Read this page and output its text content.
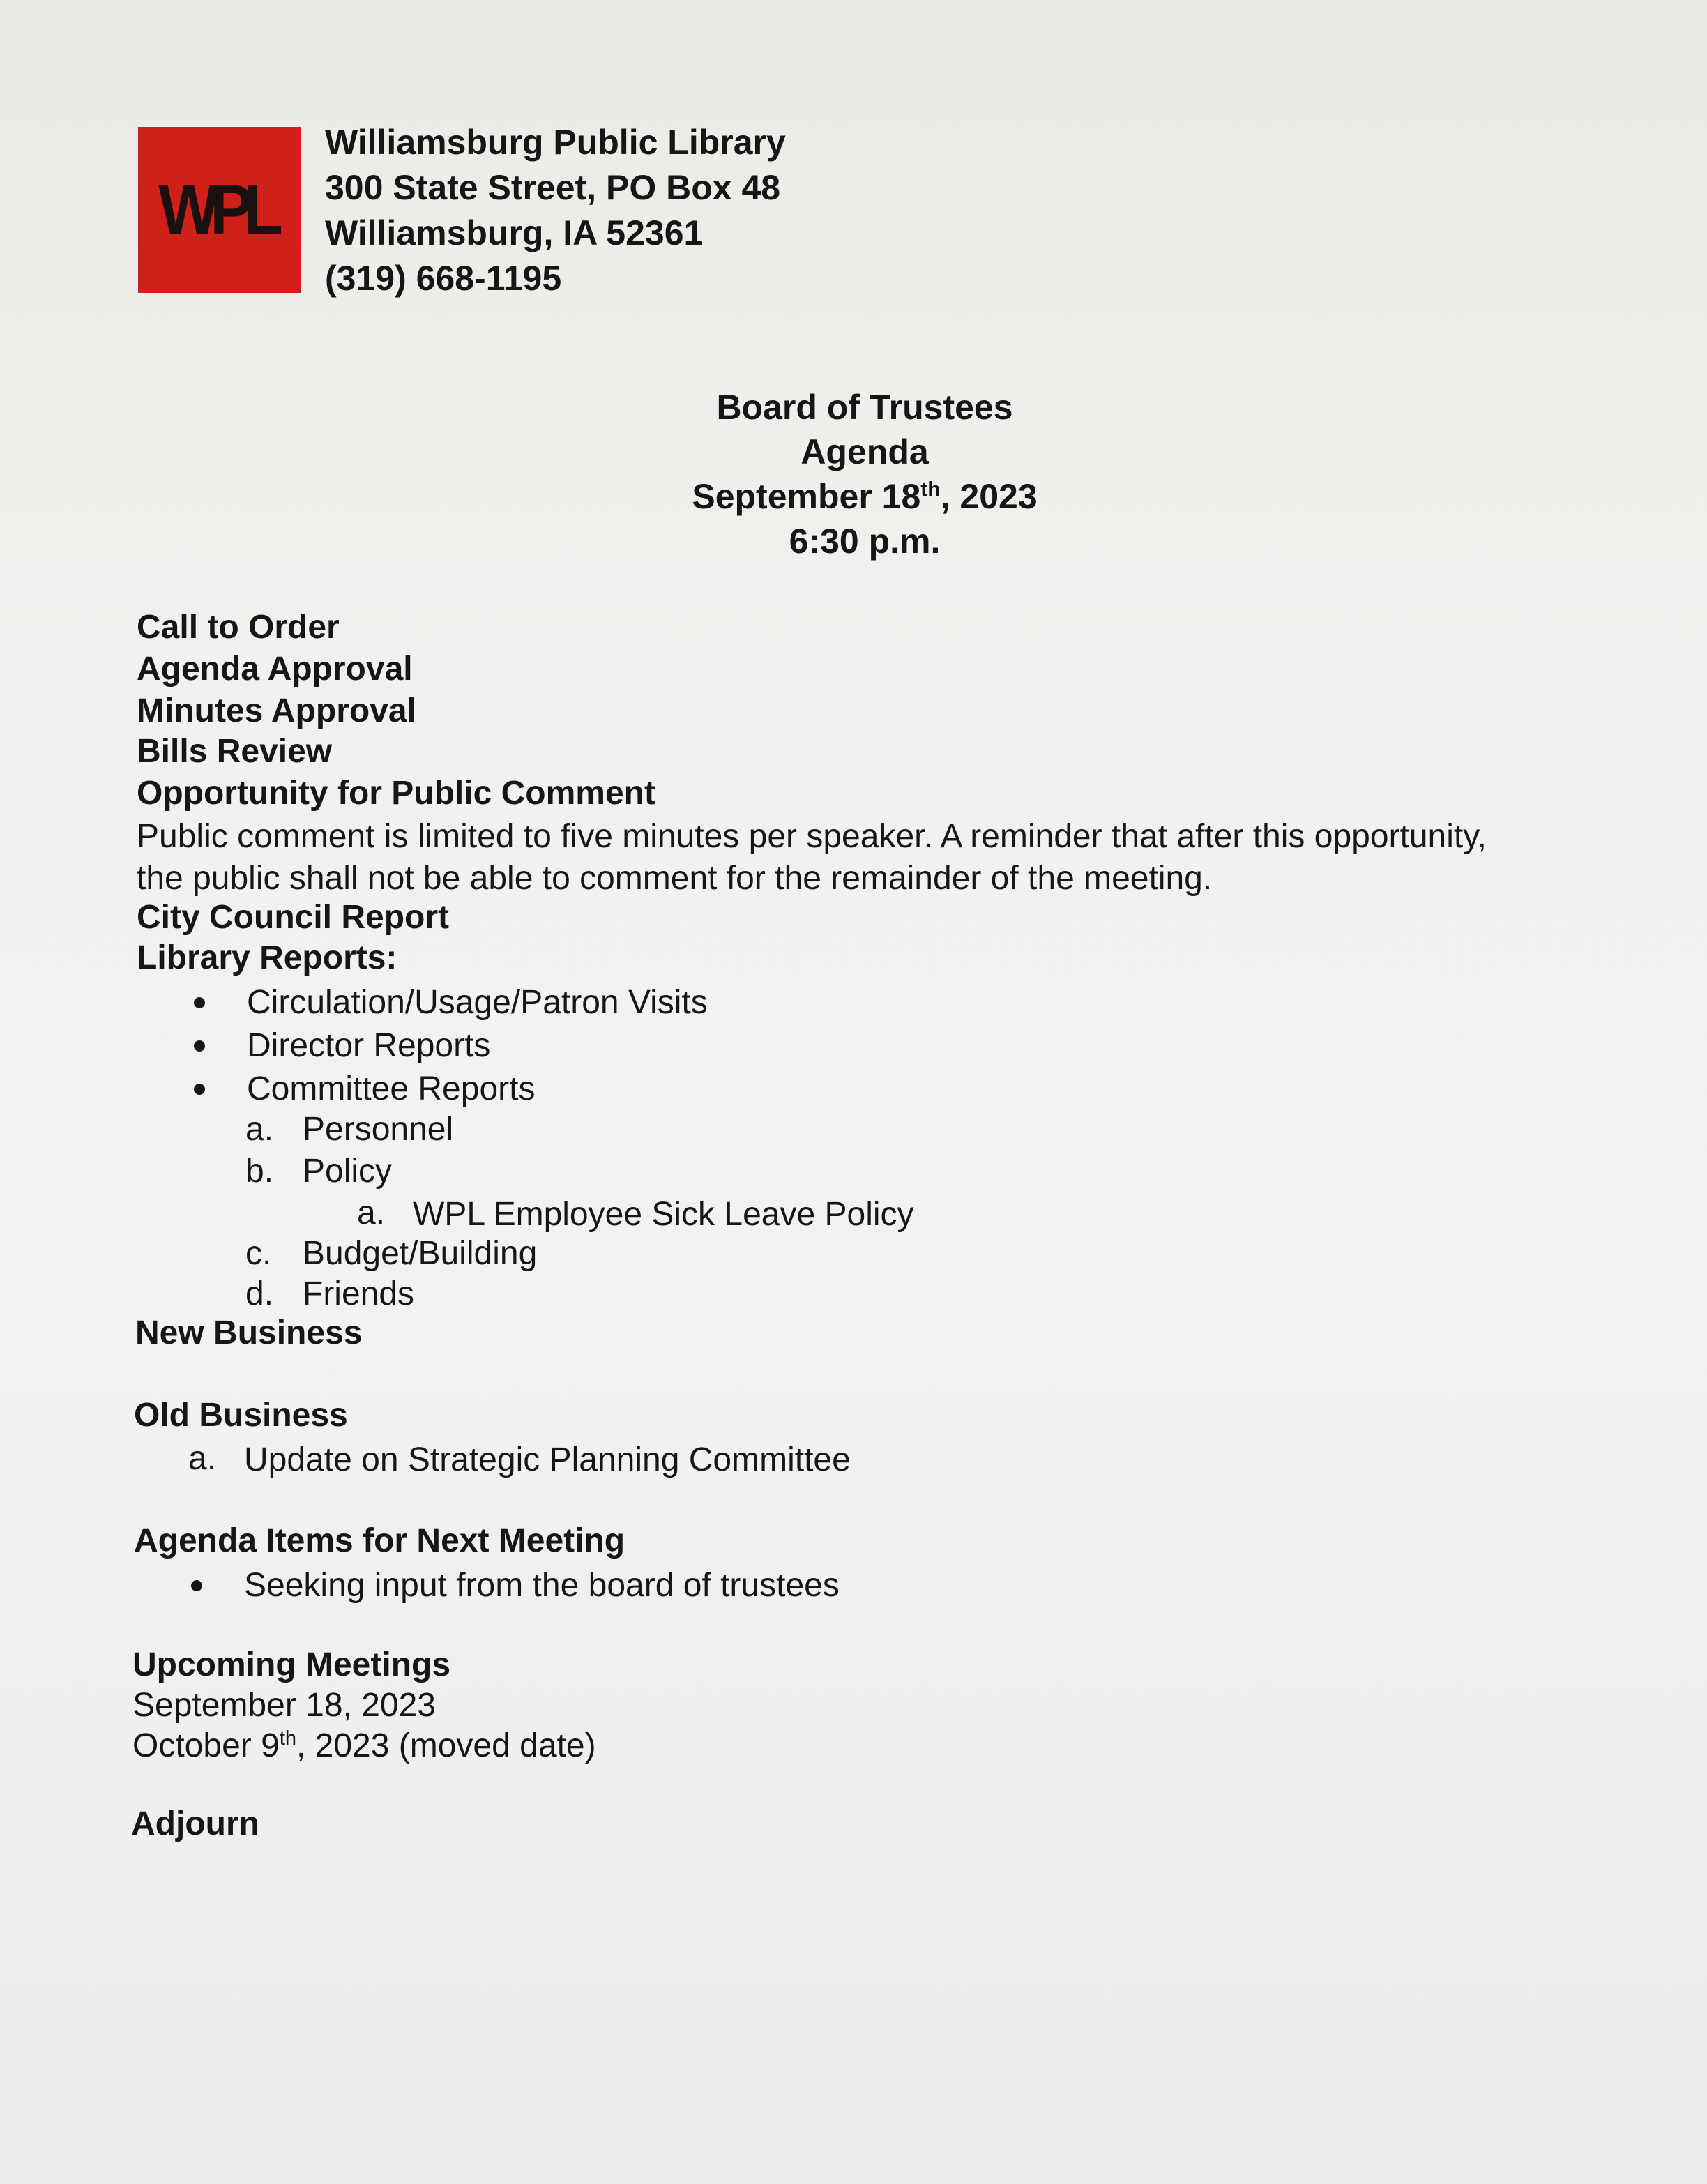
WPL
Williamsburg Public Library
300 State Street, PO Box 48
Williamsburg, IA 52361
(319) 668-1195
Board of Trustees
Agenda
September 18th, 2023
6:30 p.m.
Call to Order
Agenda Approval
Minutes Approval
Bills Review
Opportunity for Public Comment
Public comment is limited to five minutes per speaker. A reminder that after this opportunity,
the public shall not be able to comment for the remainder of the meeting.
City Council Report
Library Reports:
Circulation/Usage/Patron Visits
Director Reports
Committee Reports
a. Personnel
b. Policy
a. WPL Employee Sick Leave Policy
c. Budget/Building
d. Friends
New Business
Old Business
a. Update on Strategic Planning Committee
Agenda Items for Next Meeting
Seeking input from the board of trustees
Upcoming Meetings
September 18, 2023
October 9th, 2023 (moved date)
Adjourn
